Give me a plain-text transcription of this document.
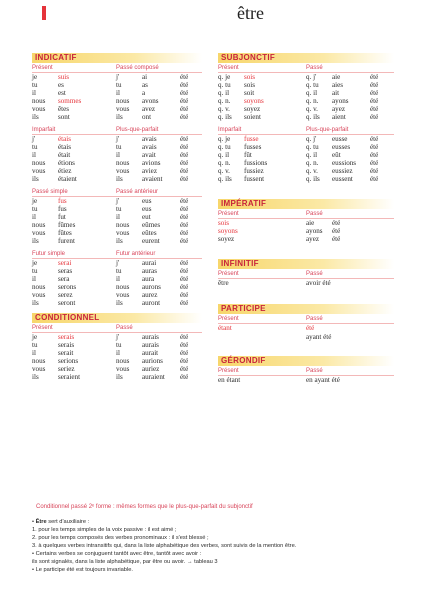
être
INDICATIF
Présent
je	suis
tu	es
il	est
nous	sommes
vous	êtes
ils	sont
Passé composé
j'	ai	été
tu	as	été
il	a	été
nous	avons	été
vous	avez	été
ils	ont	été
Imparfait
j'	étais
tu	étais
il	était
nous	étions
vous	étiez
ils	étaient
Plus-que-parfait
j'	avais	été
tu	avais	été
il	avait	été
nous	avions	été
vous	aviez	été
ils	avaient	été
Passé simple
je	fus
tu	fus
il	fut
nous	fûmes
vous	fûtes
ils	furent
Passé antérieur
j'	eus	été
tu	eus	été
il	eut	été
nous	eûmes	été
vous	eûtes	été
ils	eurent	été
Futur simple
je	serai
tu	seras
il	sera
nous	serons
vous	serez
ils	seront
Futur antérieur
j'	aurai	été
tu	auras	été
il	aura	été
nous	aurons	été
vous	aurez	été
ils	auront	été
CONDITIONNEL
Présent
je	serais
tu	serais
il	serait
nous	serions
vous	seriez
ils	seraient
Passé
j'	aurais	été
tu	aurais	été
il	aurait	été
nous	aurions	été
vous	auriez	été
ils	auraient	été
SUBJONCTIF
Présent
q. je	sois
q. tu	sois
q. il	soit
q. n.	soyons
q. v.	soyez
q. ils	soient
Passé
q. j'	aie	été
q. tu	aies	été
q. il	ait	été
q. n.	ayons	été
q. v.	ayez	été
q. ils	aient	été
Imparfait
q. je	fusse
q. tu	fusses
q. il	fût
q. n.	fussions
q. v.	fussiez
q. ils	fussent
Plus-que-parfait
q. j'	eusse	été
q. tu	eusses	été
q. il	eût	été
q. n.	eussions	été
q. v.	eussiez	été
q. ils	eussent	été
IMPÉRATIF
Présent
sois
soyons
soyez
Passé
aie	été
ayons	été
ayez	été
INFINITIF
Présent
être
Passé
avoir été
PARTICIPE
Présent
étant
Passé
été
ayant été
GÉRONDIF
Présent
en étant
Passé
en ayant été
Conditionnel passé 2ᵉ forme : mêmes formes que le plus-que-parfait du subjonctif
• Être sert d'auxiliaire :
1. pour les temps simples de la voix passive : il est aimé ;
2. pour les temps composés des verbes pronominaux : il s'est blessé ;
3. à quelques verbes intransitifs qui, dans la liste alphabétique des verbes, sont suivis de la mention être.
• Certains verbes se conjuguent tantôt avec être, tantôt avec avoir :
ils sont signalés, dans la liste alphabétique, par être ou avoir. → tableau 3
• Le participe été est toujours invariable.
